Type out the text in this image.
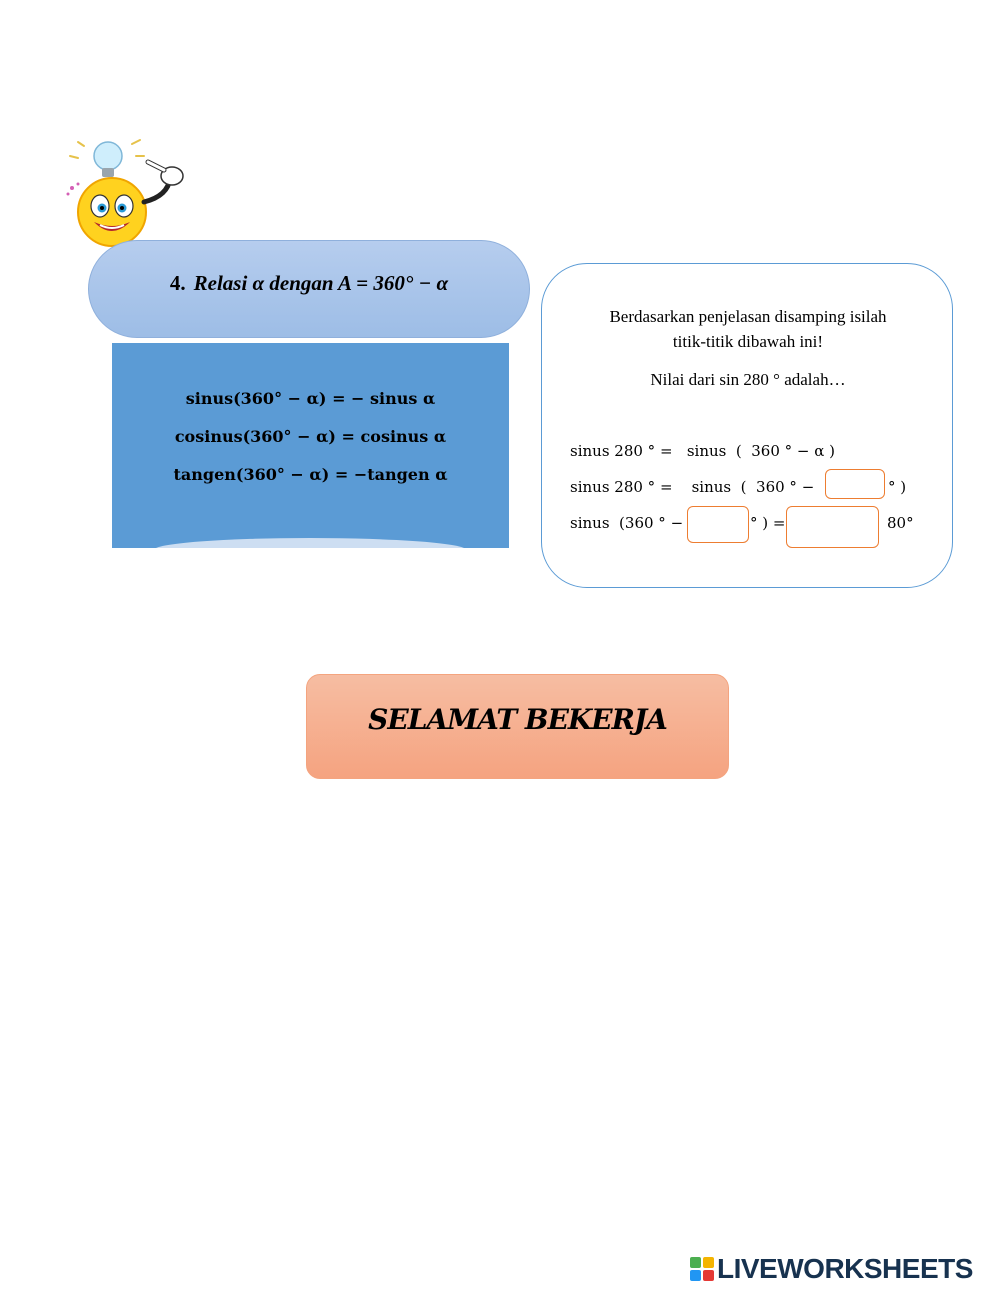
4. Relasi α dengan A = 360° − α
sinus(360° − α) = − sinus α
cosinus(360° − α) = cosinus α
tangen(360° − α) = −tangen α
Berdasarkan penjelasan disamping isilah
titik-titik dibawah ini!
Nilai dari sin 280 ° adalah…
sinus 280 ° =   sinus  (  360 ° − α )
sinus 280 ° =    sinus  (  360 ° −	° )
sinus  (360 ° −	° ) =	80°
SELAMAT BEKERJA
LIVEWORKSHEETS
